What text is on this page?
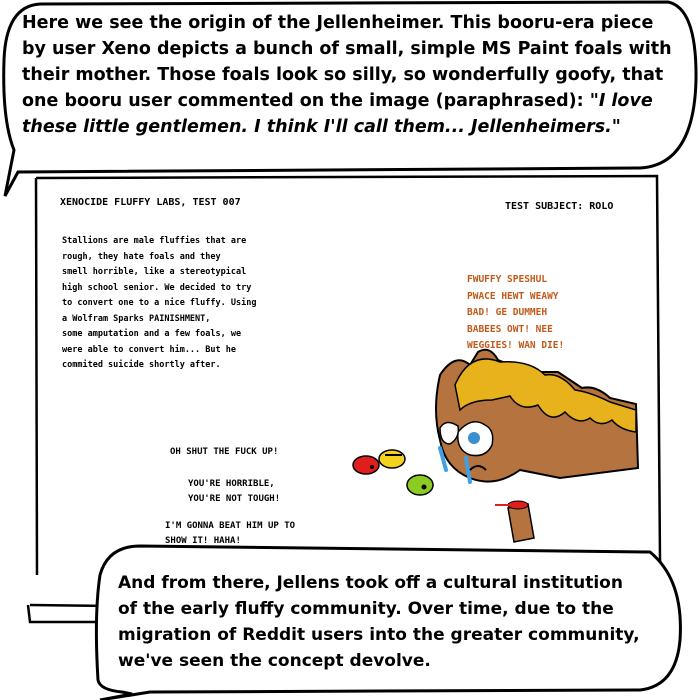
Here we see the origin of the Jellenheimer. This booru-era piece
by user Xeno depicts a bunch of small, simple MS Paint foals with
their mother. Those foals look so silly, so wonderfully goofy, that
one booru user commented on the image (paraphrased): "I love
these little gentlemen. I think I'll call them... Jellenheimers."
XENOCIDE FLUFFY LABS, TEST 007	TEST SUBJECT: ROLO
Stallions are male fluffies that are
rough, they hate foals and they
smell horrible, like a stereotypical
high school senior. We decided to try
to convert one to a nice fluffy. Using
a Wolfram Sparks PAINISHMENT,
some amputation and a few foals, we
were able to convert him... But he
commited suicide shortly after.
FWUFFY SPESHUL
PWACE HEWT WEAWY
BAD! GE DUMMEH
BABEES OWT! NEE
WEGGIES! WAN DIE!
OH SHUT THE FUCK UP!
YOU'RE HORRIBLE,
YOU'RE NOT TOUGH!
I'M GONNA BEAT HIM UP TO
SHOW IT! HAHA!
And from there, Jellens took off a cultural institution
of the early fluffy community. Over time, due to the
migration of Reddit users into the greater community,
we've seen the concept devolve.
